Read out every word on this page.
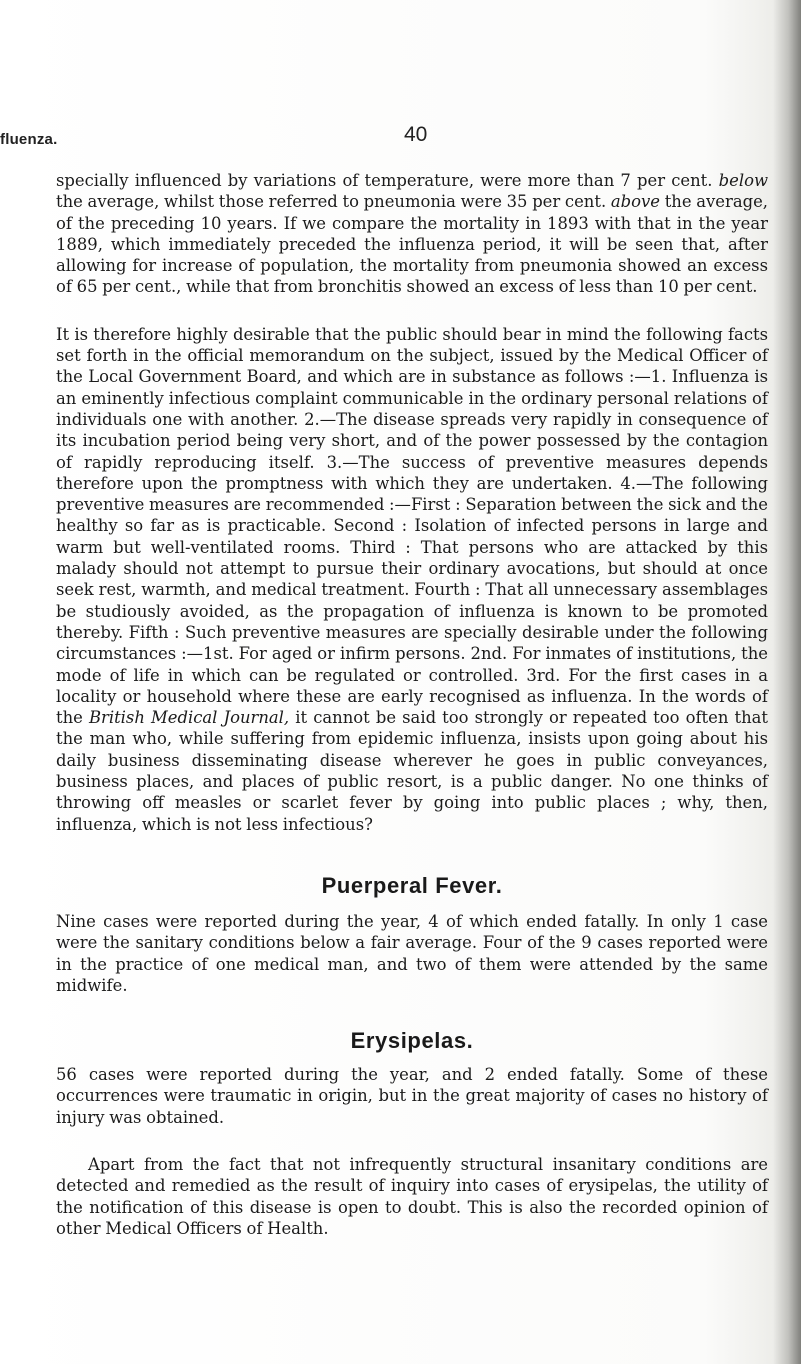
fluenza.	40

specially influenced by variations of temperature, were more than 7 per cent. below the average, whilst those referred to pneumonia were 35 per cent. above the average, of the preceding 10 years. If we compare the mortality in 1893 with that in the year 1889, which immediately preceded the influenza period, it will be seen that, after allowing for increase of population, the mortality from pneumonia showed an excess of 65 per cent., while that from bronchitis showed an excess of less than 10 per cent.

It is therefore highly desirable that the public should bear in mind the following facts set forth in the official memorandum on the subject, issued by the Medical Officer of the Local Government Board, and which are in substance as follows :—1. Influenza is an eminently infectious complaint communicable in the ordinary personal relations of individuals one with another. 2.—The disease spreads very rapidly in consequence of its incubation period being very short, and of the power possessed by the contagion of rapidly reproducing itself. 3.—The success of preventive measures depends therefore upon the promptness with which they are undertaken. 4.—The following preventive measures are recommended :—First : Separation between the sick and the healthy so far as is practicable. Second : Isolation of infected persons in large and warm but well-ventilated rooms. Third : That persons who are attacked by this malady should not attempt to pursue their ordinary avocations, but should at once seek rest, warmth, and medical treatment. Fourth : That all unnecessary assemblages be studiously avoided, as the propagation of influenza is known to be promoted thereby. Fifth : Such preventive measures are specially desirable under the following circumstances :—1st. For aged or infirm persons. 2nd. For inmates of institutions, the mode of life in which can be regulated or controlled. 3rd. For the first cases in a locality or household where these are early recognised as influenza. In the words of the British Medical Journal, it cannot be said too strongly or repeated too often that the man who, while suffering from epidemic influenza, insists upon going about his daily business disseminating disease wherever he goes in public conveyances, business places, and places of public resort, is a public danger. No one thinks of throwing off measles or scarlet fever by going into public places ; why, then, influenza, which is not less infectious?

Puerperal Fever.

Nine cases were reported during the year, 4 of which ended fatally. In only 1 case were the sanitary conditions below a fair average. Four of the 9 cases reported were in the practice of one medical man, and two of them were attended by the same midwife.

Erysipelas.

56 cases were reported during the year, and 2 ended fatally. Some of these occurrences were traumatic in origin, but in the great majority of cases no history of injury was obtained.

Apart from the fact that not infrequently structural insanitary conditions are detected and remedied as the result of inquiry into cases of erysipelas, the utility of the notification of this disease is open to doubt. This is also the recorded opinion of other Medical Officers of Health.
